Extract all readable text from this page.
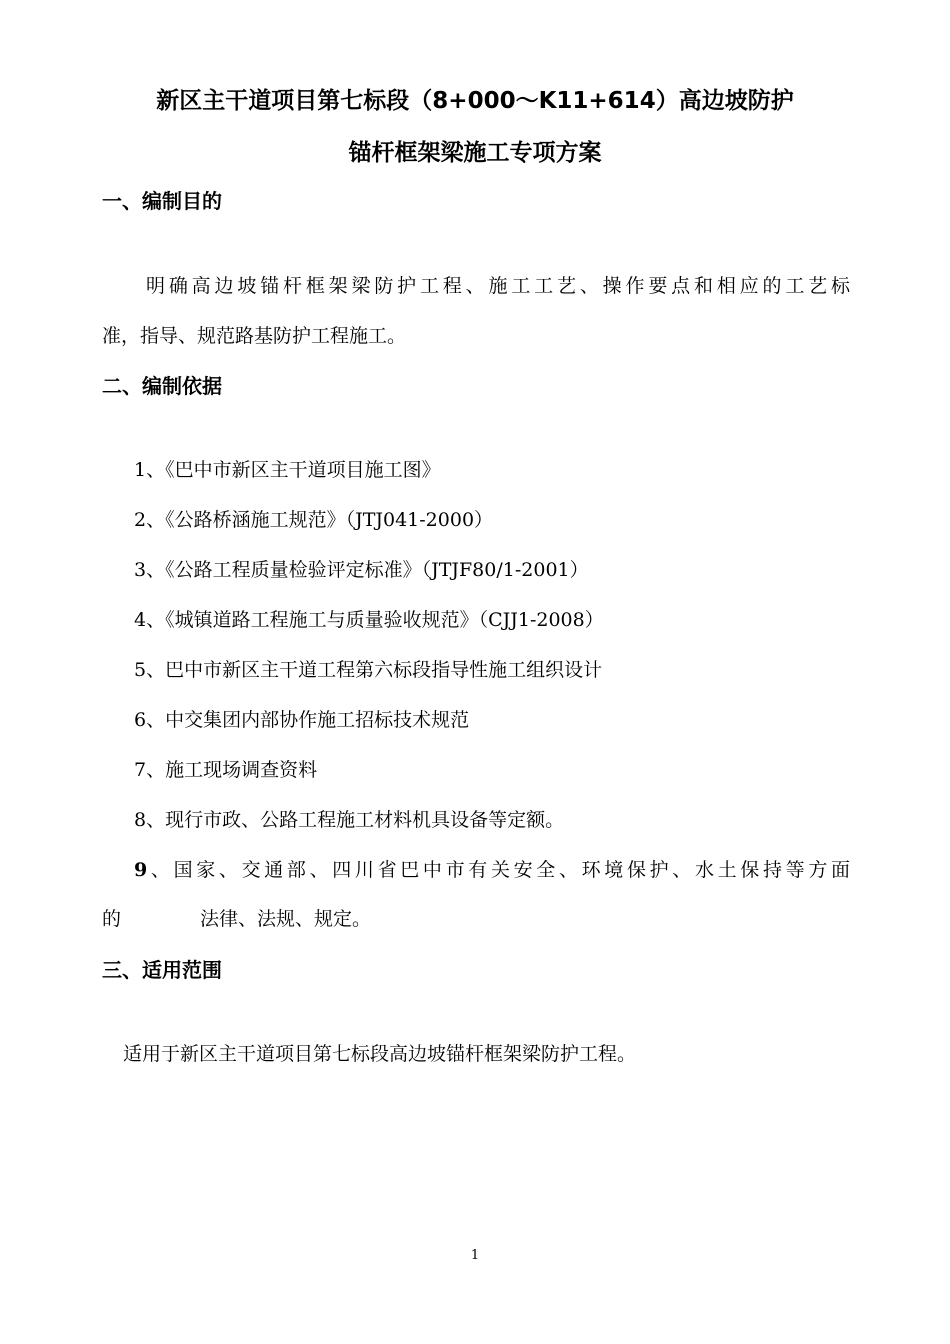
新区主干道项目第七标段（8+000～K11+614）高边坡防护
锚杆框架梁施工专项方案
一、编制目的
明确高边坡锚杆框架梁防护工程、施工工艺、操作要点和相应的工艺标
准，指导、规范路基防护工程施工。
二、编制依据
1、《巴中市新区主干道项目施工图》
2、《公路桥涵施工规范》（JTJ041-2000）
3、《公路工程质量检验评定标准》（JTJF80/1-2001）
4、《城镇道路工程施工与质量验收规范》（CJJ1-2008）
5、巴中市新区主干道工程第六标段指导性施工组织设计
6、中交集团内部协作施工招标技术规范
7、施工现场调查资料
8、现行市政、公路工程施工材料机具设备等定额。
9、国家、交通部、四川省巴中市有关安全、环境保护、水土保持等方面
的	法律、法规、规定。
三、适用范围
适用于新区主干道项目第七标段高边坡锚杆框架梁防护工程。
1
